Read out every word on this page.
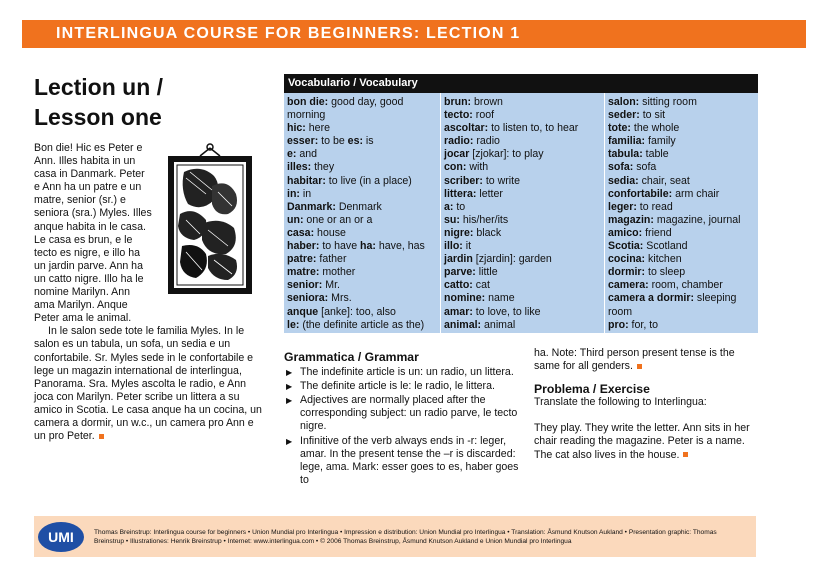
INTERLINGUA COURSE FOR BEGINNERS: LECTION 1
Lection un /
Lesson one

Bon die! Hic es Peter e Ann. Illes habita in un casa in Danmark. Peter e Ann ha un patre e un matre, senior (sr.) e seniora (sra.) Myles. Illes anque habita in le casa. Le casa es brun, e le tecto es nigre, e illo ha un jardin parve. Ann ha un catto nigre. Illo ha le nomine Marilyn. Ann ama Marilyn. Anque Peter ama le animal.

In le salon sede tote le familia Myles. In le salon es un tabula, un sofa, un sedia e un confortabile. Sr. Myles sede in le confortabile e lege un magazin international de interlingua, Panorama. Sra. Myles ascolta le radio, e Ann joca con Marilyn. Peter scribe un littera a su amico in Scotia. Le casa anque ha un cocina, un camera a dormir, un w.c., un camera pro Ann e un pro Peter.

Vocabulario / Vocabulary
bon die: good day, good morning
hic: here
esser: to be es: is
e: and
illes: they
habitar: to live (in a place)
in: in
Danmark: Denmark
un: one or an or a
casa: house
haber: to have ha: have, has
patre: father
matre: mother
senior: Mr.
seniora: Mrs.
anque [anke]: too, also
le: (the definite article as the)
brun: brown
tecto: roof
ascoltar: to listen to, to hear
radio: radio
jocar [zjokar]: to play
con: with
scriber: to write
littera: letter
a: to
su: his/her/its
nigre: black
illo: it
jardin [zjardin]: garden
parve: little
catto: cat
nomine: name
amar: to love, to like
animal: animal
salon: sitting room
seder: to sit
tote: the whole
familia: family
tabula: table
sofa: sofa
sedia: chair, seat
confortabile: arm chair
leger: to read
magazin: magazine, journal
amico: friend
Scotia: Scotland
cocina: kitchen
dormir: to sleep
camera: room, chamber
camera a dormir: sleeping room
pro: for, to
Grammatica / Grammar
▶ The indefinite article is un: un radio, un littera.
▶ The definite article is le: le radio, le littera.
▶ Adjectives are normally placed after the corresponding subject: un radio parve, le tecto nigre.
▶ Infinitive of the verb always ends in -r: leger, amar. In the present tense the –r is discarded: lege, ama. Mark: esser goes to es, haber goes to

ha. Note: Third person present tense is the same for all genders.

Problema / Exercise

Translate the following to Interlingua:

They play. They write the letter. Ann sits in her chair reading the magazine. Peter is a name. The cat also lives in the house.

UMI	Thomas Breinstrup: Interlingua course for beginners • Union Mundial pro Interlingua • Impression e distribution: Union Mundial pro Interlingua • Translation: Åsmund Knutson Aukland • Presentation graphic: Thomas Breinstrup • Illustrationes: Henrik Breinstrup • Internet: www.interlingua.com • © 2006 Thomas Breinstrup, Åsmund Knutson Aukland e Union Mundial pro Interlingua
